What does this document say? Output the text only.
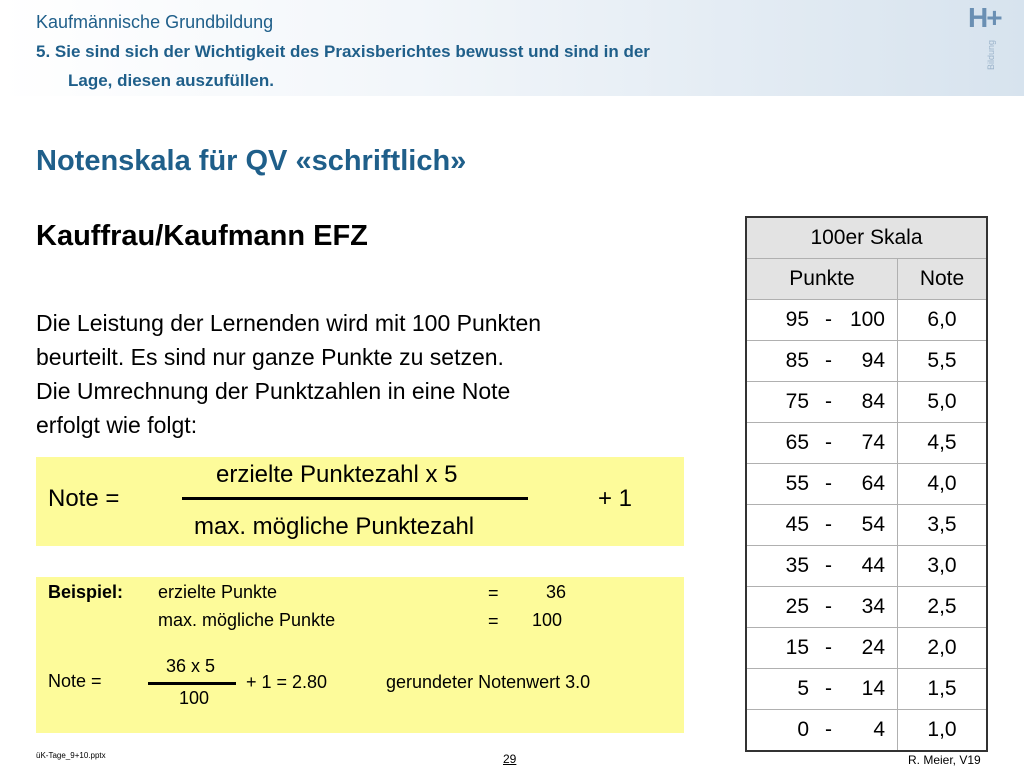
Kaufmännische Grundbildung
5. Sie sind sich der Wichtigkeit des Praxisberichtes bewusst und sind in der
Lage, diesen auszufüllen.
H+
Bildung
Notenskala für QV «schriftlich»
Kauffrau/Kaufmann EFZ
Die Leistung der Lernenden wird mit 100 Punkten
beurteilt. Es sind nur ganze Punkte zu setzen.
Die Umrechnung der Punktzahlen in eine Note
erfolgt wie folgt:
Note =
erzielte Punktezahl x 5
max. mögliche Punktezahl
+ 1
Beispiel: erzielte Punkte	=	36
max. mögliche Punkte	= 100
Note =
36 x 5
100
+ 1 = 2.80	gerundeter Notenwert 3.0
100er Skala	
Punkte	Note

95 - 100	6,0

85 - 94	5,5

75 - 84	5,0

65 - 74	4,5

55 - 64	4,0

45 - 54	3,5

35 - 44	3,0

25 - 34	2,5

15 - 24	2,0

5 - 14	1,5

0 - 4	1,0
üK-Tage_9+10.pptx	29	R. Meier, V19
